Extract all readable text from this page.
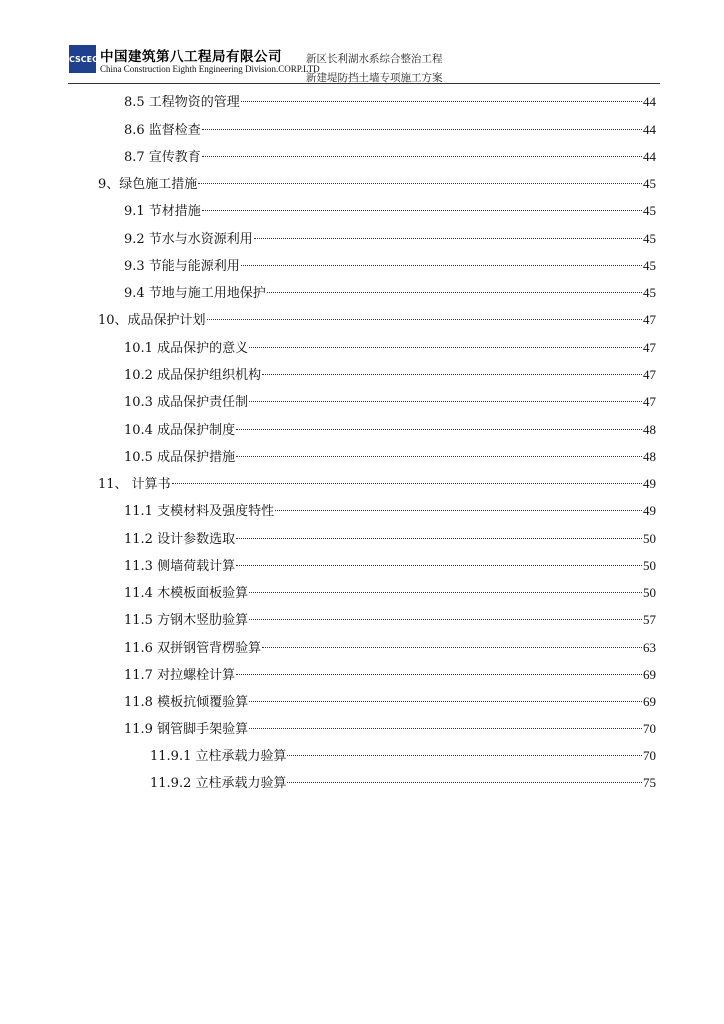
CSCEC 中国建筑第八工程局有限公司
China Construction Eighth Engineering Division.CORP.LTD
新区长利湖水系综合整治工程
新建堤防挡土墙专项施工方案
8.5 工程物资的管理	44
8.6 监督检查	44
8.7 宣传教育	44
9、绿色施工措施	45
9.1 节材措施	45
9.2 节水与水资源利用	45
9.3 节能与能源利用	45
9.4 节地与施工用地保护	45
10、成品保护计划	47
10.1 成品保护的意义	47
10.2 成品保护组织机构	47
10.3 成品保护责任制	47
10.4 成品保护制度	48
10.5 成品保护措施	48
11、 计算书	49
11.1 支模材料及强度特性	49
11.2 设计参数选取	50
11.3 侧墙荷载计算	50
11.4 木模板面板验算	50
11.5 方钢木竖肋验算	57
11.6 双拼钢管背楞验算	63
11.7 对拉螺栓计算	69
11.8 模板抗倾覆验算	69
11.9 钢管脚手架验算	70
11.9.1 立柱承载力验算	70
11.9.2 立柱承载力验算	75
